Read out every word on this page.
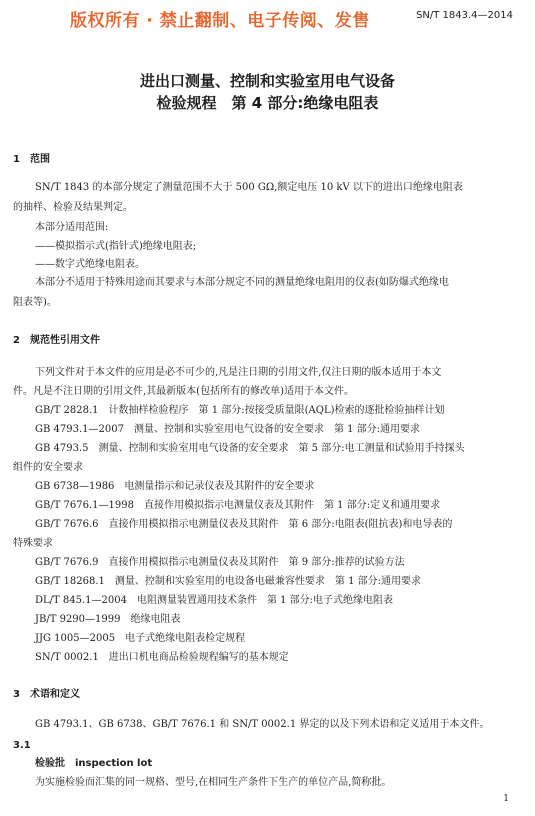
SN/T 1843.4—2014
版权所有 · 禁止翻制、电子传阅、发售
进出口测量、控制和实验室用电气设备
检验规程　第 4 部分:绝缘电阻表
1　范围
SN/T 1843 的本部分规定了测量范围不大于 500 GΩ,额定电压 10 kV 以下的进出口绝缘电阻表
的抽样、检验及结果判定。
本部分适用范围:
——模拟指示式(指针式)绝缘电阻表;
——数字式绝缘电阻表。
本部分不适用于特殊用途而其要求与本部分规定不同的测量绝缘电阻用的仪表(如防爆式绝缘电
阻表等)。
2　规范性引用文件
下列文件对于本文件的应用是必不可少的,凡是注日期的引用文件,仅注日期的版本适用于本文
件。凡是不注日期的引用文件,其最新版本(包括所有的修改单)适用于本文件。
GB/T 2828.1　计数抽样检验程序　第 1 部分:按接受质量限(AQL)检索的逐批检验抽样计划
GB 4793.1—2007　测量、控制和实验室用电气设备的安全要求　第 1 部分:通用要求
GB 4793.5　测量、控制和实验室用电气设备的安全要求　第 5 部分:电工测量和试验用手持探头
组件的安全要求
GB 6738—1986　电测量指示和记录仪表及其附件的安全要求
GB/T 7676.1—1998　直接作用模拟指示电测量仪表及其附件　第 1 部分:定义和通用要求
GB/T 7676.6　直接作用模拟指示电测量仪表及其附件　第 6 部分:电阻表(阻抗表)和电导表的
特殊要求
GB/T 7676.9　直接作用模拟指示电测量仪表及其附件　第 9 部分:推荐的试验方法
GB/T 18268.1　测量、控制和实验室用的电设备电磁兼容性要求　第 1 部分:通用要求
DL/T 845.1—2004　电阻测量装置通用技术条件　第 1 部分:电子式绝缘电阻表
JB/T 9290—1999　绝缘电阻表
JJG 1005—2005　电子式绝缘电阻表检定规程
SN/T 0002.1　进出口机电商品检验规程编写的基本规定
3　术语和定义
GB 4793.1、GB 6738、GB/T 7676.1 和 SN/T 0002.1 界定的以及下列术语和定义适用于本文件。
3.1
检验批　inspection lot
为实施检验而汇集的同一规格、型号,在相同生产条件下生产的单位产品,简称批。
1
